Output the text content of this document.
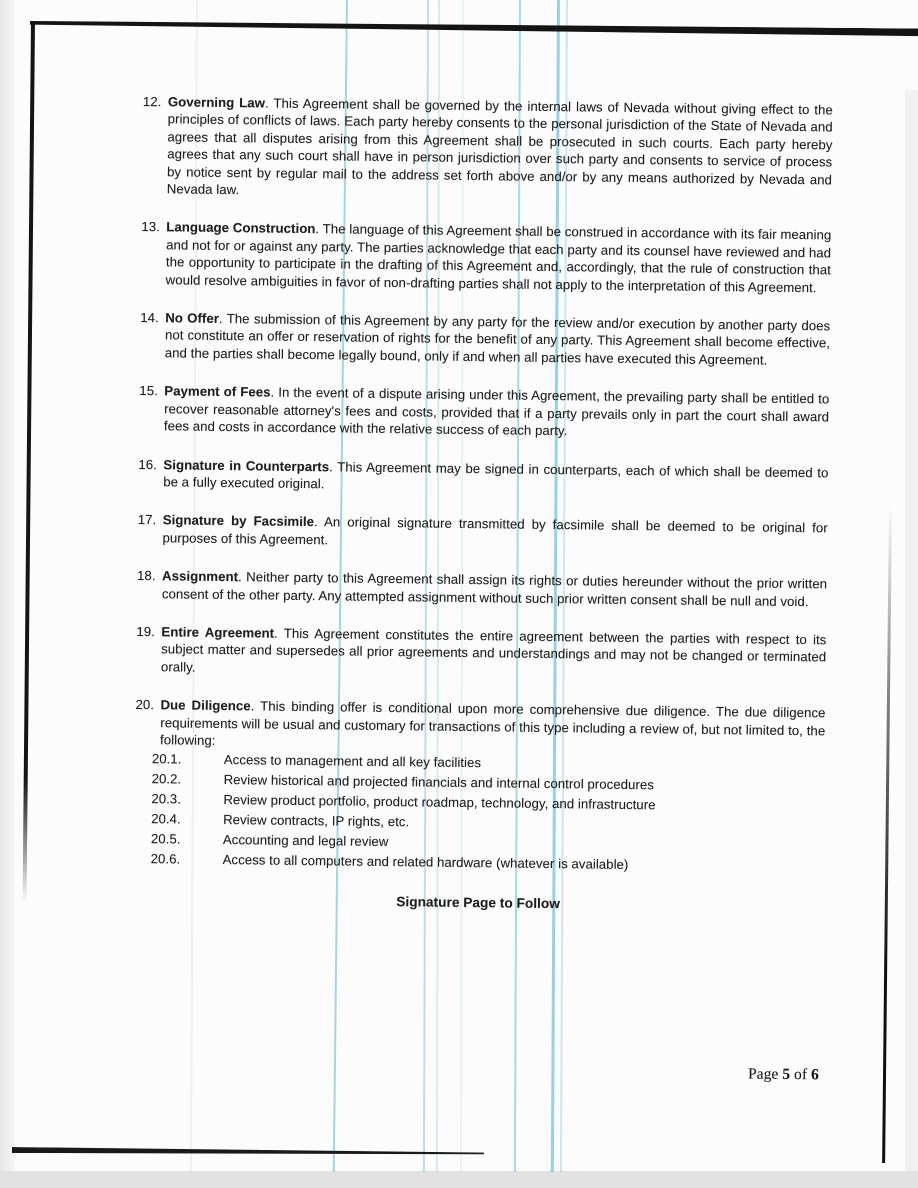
12. Governing Law. This Agreement shall be governed by the internal laws of Nevada without giving effect to the principles of conflicts of laws. Each party hereby consents to the personal jurisdiction of the State of Nevada and agrees that all disputes arising from this Agreement shall be prosecuted in such courts. Each party hereby agrees that any such court shall have in person jurisdiction over such party and consents to service of process by notice sent by regular mail to the address set forth above and/or by any means authorized by Nevada and Nevada law.
13. Language Construction. The language of this Agreement shall be construed in accordance with its fair meaning and not for or against any party. The parties acknowledge that each party and its counsel have reviewed and had the opportunity to participate in the drafting of this Agreement and, accordingly, that the rule of construction that would resolve ambiguities in favor of non-drafting parties shall not apply to the interpretation of this Agreement.
14. No Offer. The submission of this Agreement by any party for the review and/or execution by another party does not constitute an offer or reservation of rights for the benefit of any party. This Agreement shall become effective, and the parties shall become legally bound, only if and when all parties have executed this Agreement.
15. Payment of Fees. In the event of a dispute arising under this Agreement, the prevailing party shall be entitled to recover reasonable attorney's fees and costs, provided that if a party prevails only in part the court shall award fees and costs in accordance with the relative success of each party.
16. Signature in Counterparts. This Agreement may be signed in counterparts, each of which shall be deemed to be a fully executed original.
17. Signature by Facsimile. An original signature transmitted by facsimile shall be deemed to be original for purposes of this Agreement.
18. Assignment. Neither party to this Agreement shall assign its rights or duties hereunder without the prior written consent of the other party. Any attempted assignment without such prior written consent shall be null and void.
19. Entire Agreement. This Agreement constitutes the entire agreement between the parties with respect to its subject matter and supersedes all prior agreements and understandings and may not be changed or terminated orally.
20. Due Diligence. This binding offer is conditional upon more comprehensive due diligence. The due diligence requirements will be usual and customary for transactions of this type including a review of, but not limited to, the following:
20.1.	Access to management and all key facilities
20.2.	Review historical and projected financials and internal control procedures
20.3.	Review product portfolio, product roadmap, technology, and infrastructure
20.4.	Review contracts, IP rights, etc.
20.5.	Accounting and legal review
20.6.	Access to all computers and related hardware (whatever is available)
Signature Page to Follow
Page 5 of 6
